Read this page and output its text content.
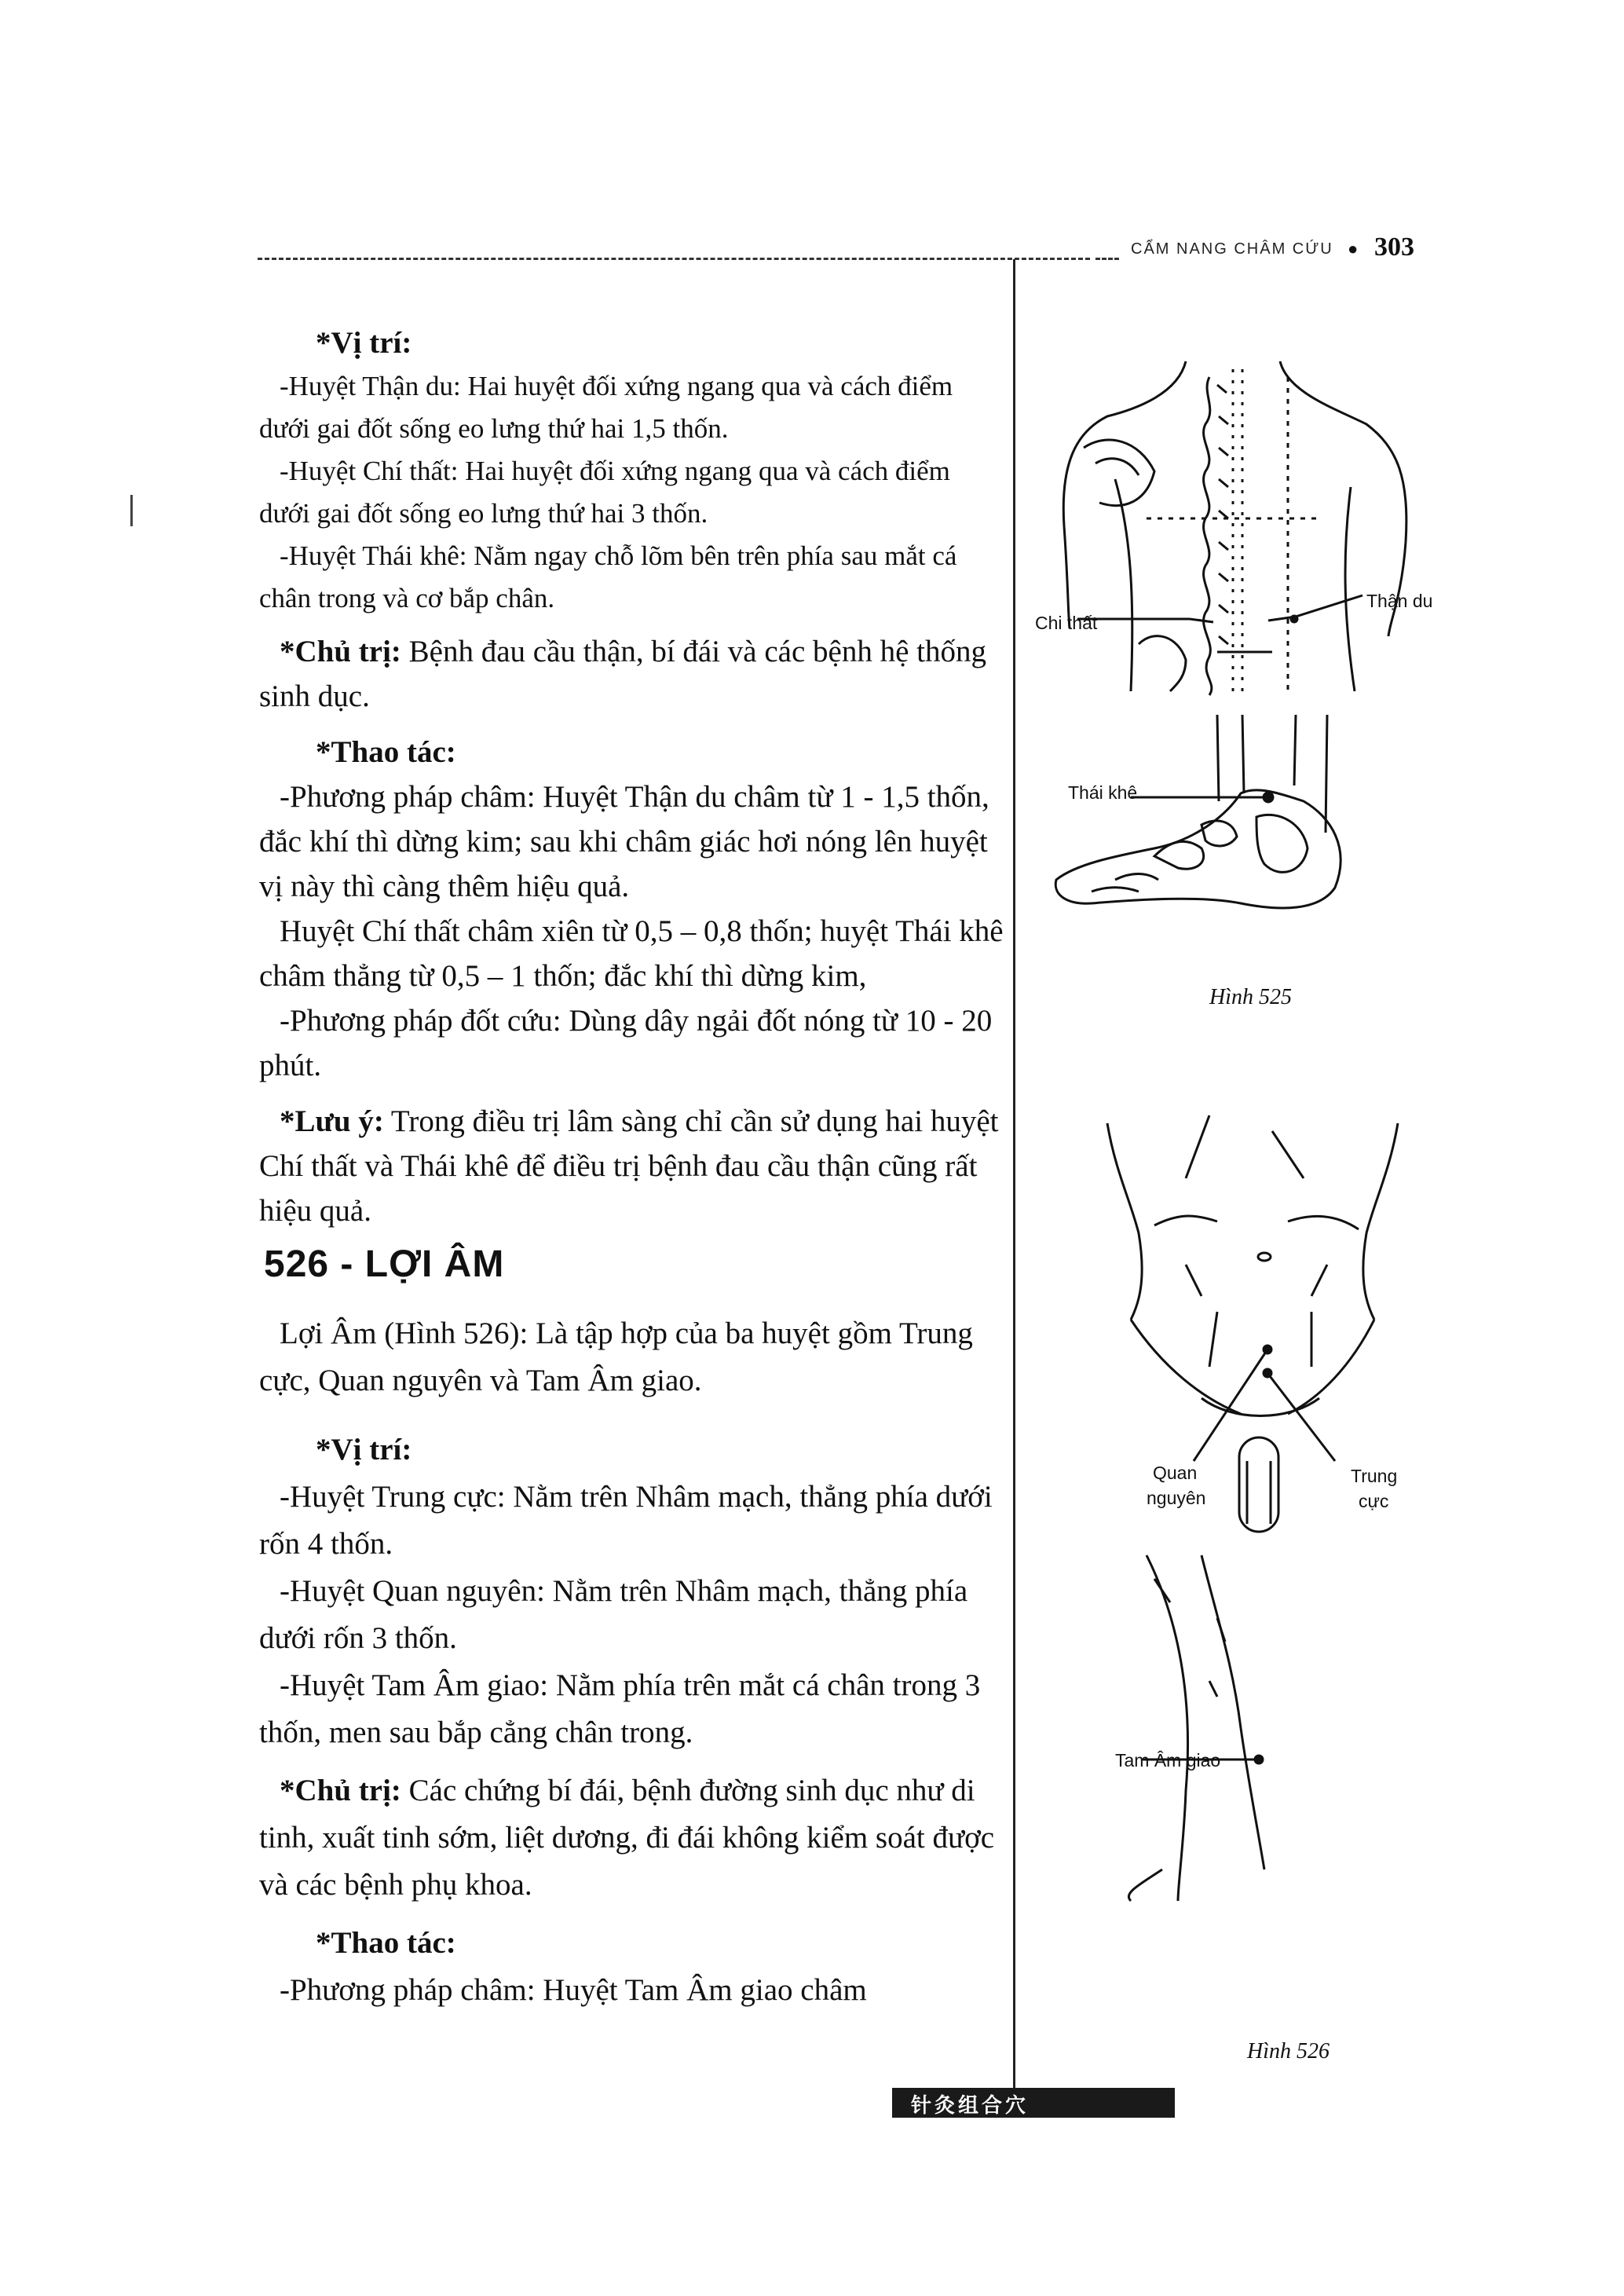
CẨM NANG CHÂM CỨU ● 303

*Vị trí:

-Huyệt Thận du: Hai huyệt đối xứng ngang qua và cách điểm dưới gai đốt sống eo lưng thứ hai 1,5 thốn.

-Huyệt Chí thất: Hai huyệt đối xứng ngang qua và cách điểm dưới gai đốt sống eo lưng thứ hai 3 thốn.

-Huyệt Thái khê: Nằm ngay chỗ lõm bên trên phía sau mắt cá chân trong và cơ bắp chân.

*Chủ trị: Bệnh đau cầu thận, bí đái và các bệnh hệ thống sinh dục.

*Thao tác:

-Phương pháp châm: Huyệt Thận du châm từ 1 - 1,5 thốn, đắc khí thì dừng kim; sau khi châm giác hơi nóng lên huyệt vị này thì càng thêm hiệu quả.

Huyệt Chí thất châm xiên từ 0,5 – 0,8 thốn; huyệt Thái khê châm thẳng từ 0,5 – 1 thốn; đắc khí thì dừng kim,

-Phương pháp đốt cứu: Dùng dây ngải đốt nóng từ 10 - 20 phút.

*Lưu ý: Trong điều trị lâm sàng chỉ cần sử dụng hai huyệt Chí thất và Thái khê để điều trị bệnh đau cầu thận cũng rất hiệu quả.

526 - LỢI ÂM

Lợi Âm (Hình 526): Là tập hợp của ba huyệt gồm Trung cực, Quan nguyên và Tam Âm giao.

*Vị trí:

-Huyệt Trung cực: Nằm trên Nhâm mạch, thẳng phía dưới rốn 4 thốn.

-Huyệt Quan nguyên: Nằm trên Nhâm mạch, thẳng phía dưới rốn 3 thốn.

-Huyệt Tam Âm giao: Nằm phía trên mắt cá chân trong 3 thốn, men sau bắp cẳng chân trong.

*Chủ trị: Các chứng bí đái, bệnh đường sinh dục như di tinh, xuất tinh sớm, liệt dương, đi đái không kiểm soát được và các bệnh phụ khoa.

*Thao tác:

-Phương pháp châm: Huyệt Tam Âm giao châm

Chi thất
Thận du
Thái khê
Hình 525
Quan
nguyên
Trung
cực
Tam Âm giao
Hình 526
针灸组合穴
